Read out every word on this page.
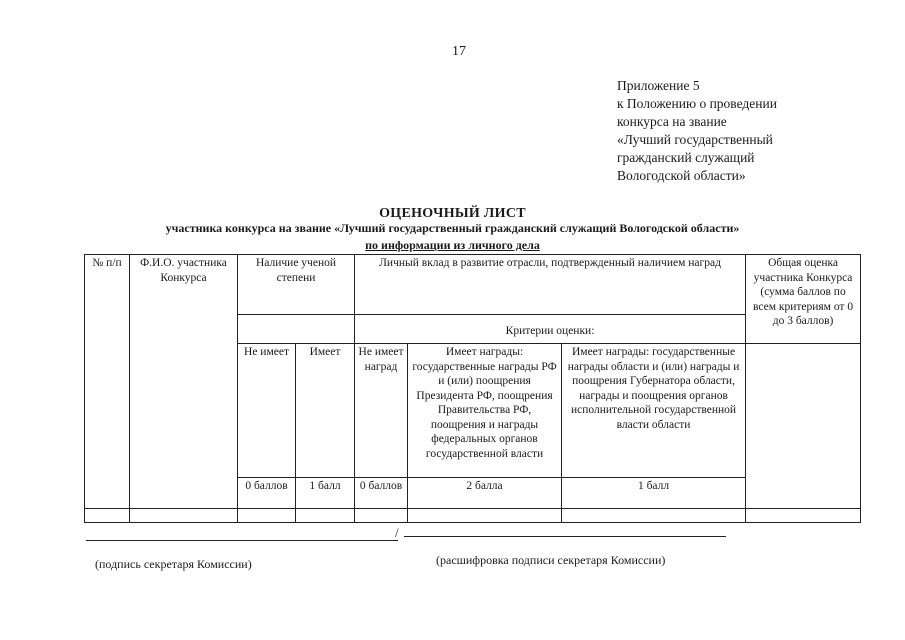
17
Приложение 5
к Положению о проведении
конкурса на звание
«Лучший государственный
гражданский служащий
Вологодской области»
ОЦЕНОЧНЫЙ ЛИСТ
участника конкурса на звание «Лучший государственный гражданский служащий Вологодской области»
по информации из личного дела
№ п/п	Ф.И.О. участника Конкурса	Наличие ученой степени		Личный вклад в развитие отрасли, подтвержденный наличием наград			Общая оценка участника Конкурса (сумма баллов по всем критериям от 0 до 3 баллов)
				Критерии оценки:			
		Не имеет	Имеет	Не имеет наград	Имеет награды: государственные награды РФ и (или) поощрения Президента РФ, поощрения Правительства РФ, поощрения и награды федеральных органов государственной власти	Имеет награды: государственные награды области и (или) награды и поощрения Губернатора области, награды и поощрения органов исполнительной государственной власти области	
		0 баллов	1 балл	0 баллов	2 балла	1 балл	

/
(подпись секретаря Комиссии)	(расшифровка подписи секретаря Комиссии)
